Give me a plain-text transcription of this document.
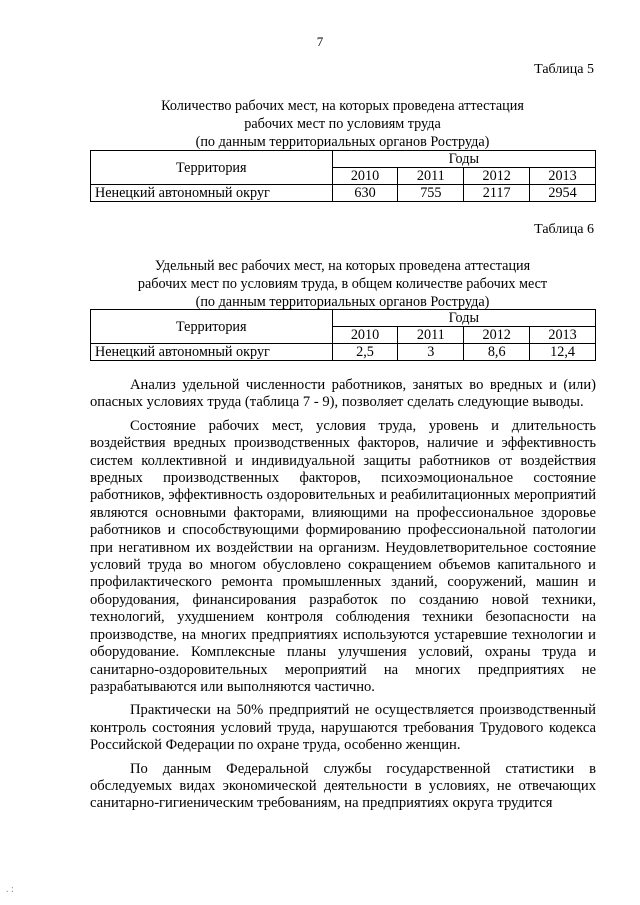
7
Таблица 5
Количество рабочих мест, на которых проведена аттестация
рабочих мест по условиям труда
(по данным территориальных органов Роструда)
Территория	Годы			
	2010	2011	2012	2013
Ненецкий автономный округ	630	755	2117	2954
Таблица 6
Удельный вес рабочих мест, на которых проведена аттестация
рабочих мест по условиям труда, в общем количестве рабочих мест
(по данным территориальных органов Роструда)
Территория	Годы			
	2010	2011	2012	2013
Ненецкий автономный округ	2,5	3	8,6	12,4

Анализ удельной численности работников, занятых во вредных и (или) опасных условиях труда (таблица 7 - 9), позволяет сделать следующие выводы.

Состояние рабочих мест, условия труда, уровень и длительность воздействия вредных производственных факторов, наличие и эффективность систем коллективной и индивидуальной защиты работников от воздействия вредных производственных факторов, психоэмоциональное состояние работников, эффективность оздоровительных и реабилитационных мероприятий являются основными факторами, влияющими на профессиональное здоровье работников и способствующими формированию профессиональной патологии при негативном их воздействии на организм. Неудовлетворительное состояние условий труда во многом обусловлено сокращением объемов капитального и профилактического ремонта промышленных зданий, сооружений, машин и оборудования, финансирования разработок по созданию новой техники, технологий, ухудшением контроля соблюдения техники безопасности на производстве, на многих предприятиях используются устаревшие технологии и оборудование. Комплексные планы улучшения условий, охраны труда и санитарно-оздоровительных мероприятий на многих предприятиях не разрабатываются или выполняются частично.

Практически на 50% предприятий не осуществляется производственный контроль состояния условий труда, нарушаются требования Трудового кодекса Российской Федерации по охране труда, особенно женщин.

По данным Федеральной службы государственной статистики в обследуемых видах экономической деятельности в условиях, не отвечающих санитарно-гигиеническим требованиям, на предприятиях округа трудится

. :
